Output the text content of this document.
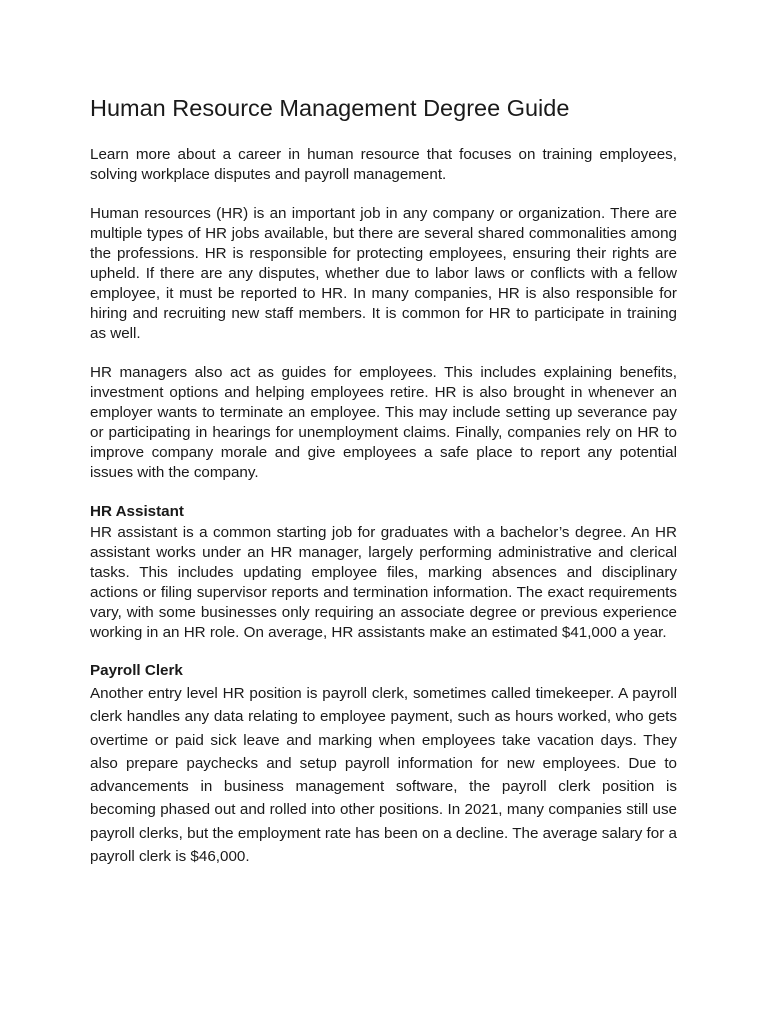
Human Resource Management Degree Guide

Learn more about a career in human resource that focuses on training employees, solving workplace disputes and payroll management.

Human resources (HR) is an important job in any company or organization. There are multiple types of HR jobs available, but there are several shared commonalities among the professions. HR is responsible for protecting employees, ensuring their rights are upheld. If there are any disputes, whether due to labor laws or conflicts with a fellow employee, it must be reported to HR. In many companies, HR is also responsible for hiring and recruiting new staff members. It is common for HR to participate in training as well.

HR managers also act as guides for employees. This includes explaining benefits, investment options and helping employees retire. HR is also brought in whenever an employer wants to terminate an employee. This may include setting up severance pay or participating in hearings for unemployment claims. Finally, companies rely on HR to improve company morale and give employees a safe place to report any potential issues with the company.

HR Assistant

HR assistant is a common starting job for graduates with a bachelor’s degree. An HR assistant works under an HR manager, largely performing administrative and clerical tasks. This includes updating employee files, marking absences and disciplinary actions or filing supervisor reports and termination information. The exact requirements vary, with some businesses only requiring an associate degree or previous experience working in an HR role. On average, HR assistants make an estimated $41,000 a year.

Payroll Clerk

Another entry level HR position is payroll clerk, sometimes called timekeeper. A payroll clerk handles any data relating to employee payment, such as hours worked, who gets overtime or paid sick leave and marking when employees take vacation days. They also prepare paychecks and setup payroll information for new employees. Due to advancements in business management software, the payroll clerk position is becoming phased out and rolled into other positions. In 2021, many companies still use payroll clerks, but the employment rate has been on a decline. The average salary for a payroll clerk is $46,000.
